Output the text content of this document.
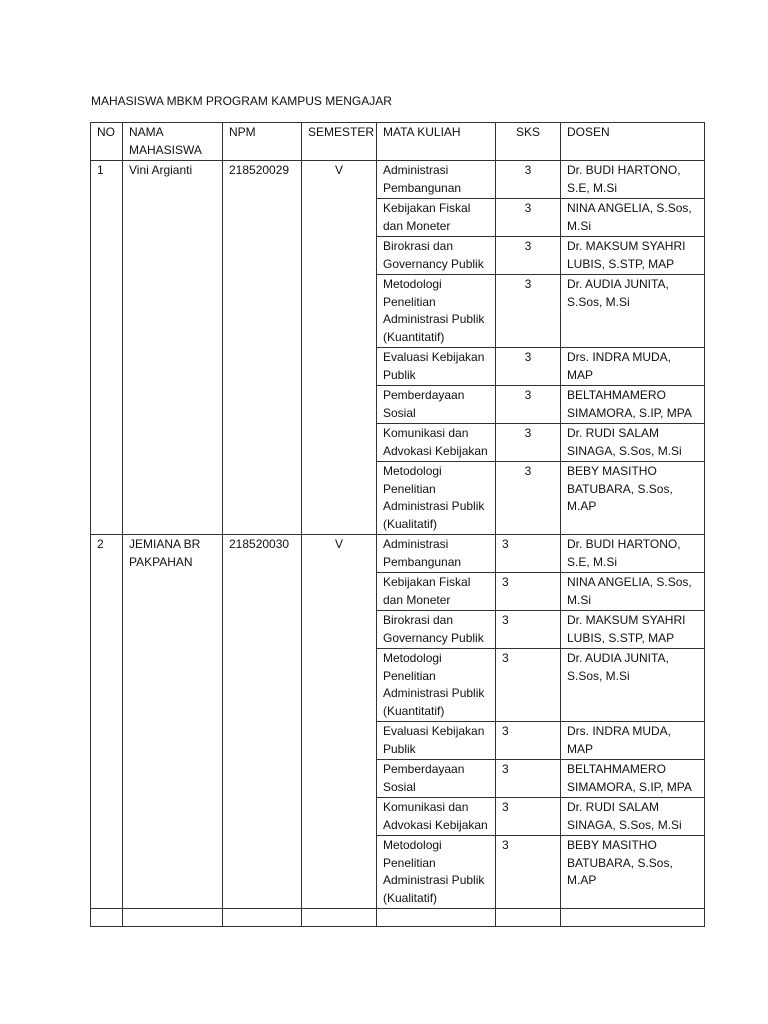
MAHASISWA MBKM PROGRAM KAMPUS MENGAJAR
NO	NAMA MAHASISWA	NPM	SEMESTER	MATA KULIAH	SKS	DOSEN
1	Vini Argianti	218520029	V	Administrasi Pembangunan	3	Dr. BUDI HARTONO, S.E, M.Si
				Kebijakan Fiskal dan Moneter	3	NINA ANGELIA, S.Sos, M.Si
				Birokrasi dan Governancy Publik	3	Dr. MAKSUM SYAHRI LUBIS, S.STP, MAP
				Metodologi Penelitian Administrasi Publik (Kuantitatif)	3	Dr. AUDIA JUNITA, S.Sos, M.Si
				Evaluasi Kebijakan Publik	3	Drs. INDRA MUDA, MAP
				Pemberdayaan Sosial	3	BELTAHMAMERO SIMAMORA, S.IP, MPA
				Komunikasi dan Advokasi Kebijakan	3	Dr. RUDI SALAM SINAGA, S.Sos, M.Si
				Metodologi Penelitian Administrasi Publik (Kualitatif)	3	BEBY MASITHO BATUBARA, S.Sos, M.AP
2	JEMIANA BR PAKPAHAN	218520030	V	Administrasi Pembangunan	3	Dr. BUDI HARTONO, S.E, M.Si
				Kebijakan Fiskal dan Moneter	3	NINA ANGELIA, S.Sos, M.Si
				Birokrasi dan Governancy Publik	3	Dr. MAKSUM SYAHRI LUBIS, S.STP, MAP
				Metodologi Penelitian Administrasi Publik (Kuantitatif)	3	Dr. AUDIA JUNITA, S.Sos, M.Si
				Evaluasi Kebijakan Publik	3	Drs. INDRA MUDA, MAP
				Pemberdayaan Sosial	3	BELTAHMAMERO SIMAMORA, S.IP, MPA
				Komunikasi dan Advokasi Kebijakan	3	Dr. RUDI SALAM SINAGA, S.Sos, M.Si
				Metodologi Penelitian Administrasi Publik (Kualitatif)	3	BEBY MASITHO BATUBARA, S.Sos, M.AP
